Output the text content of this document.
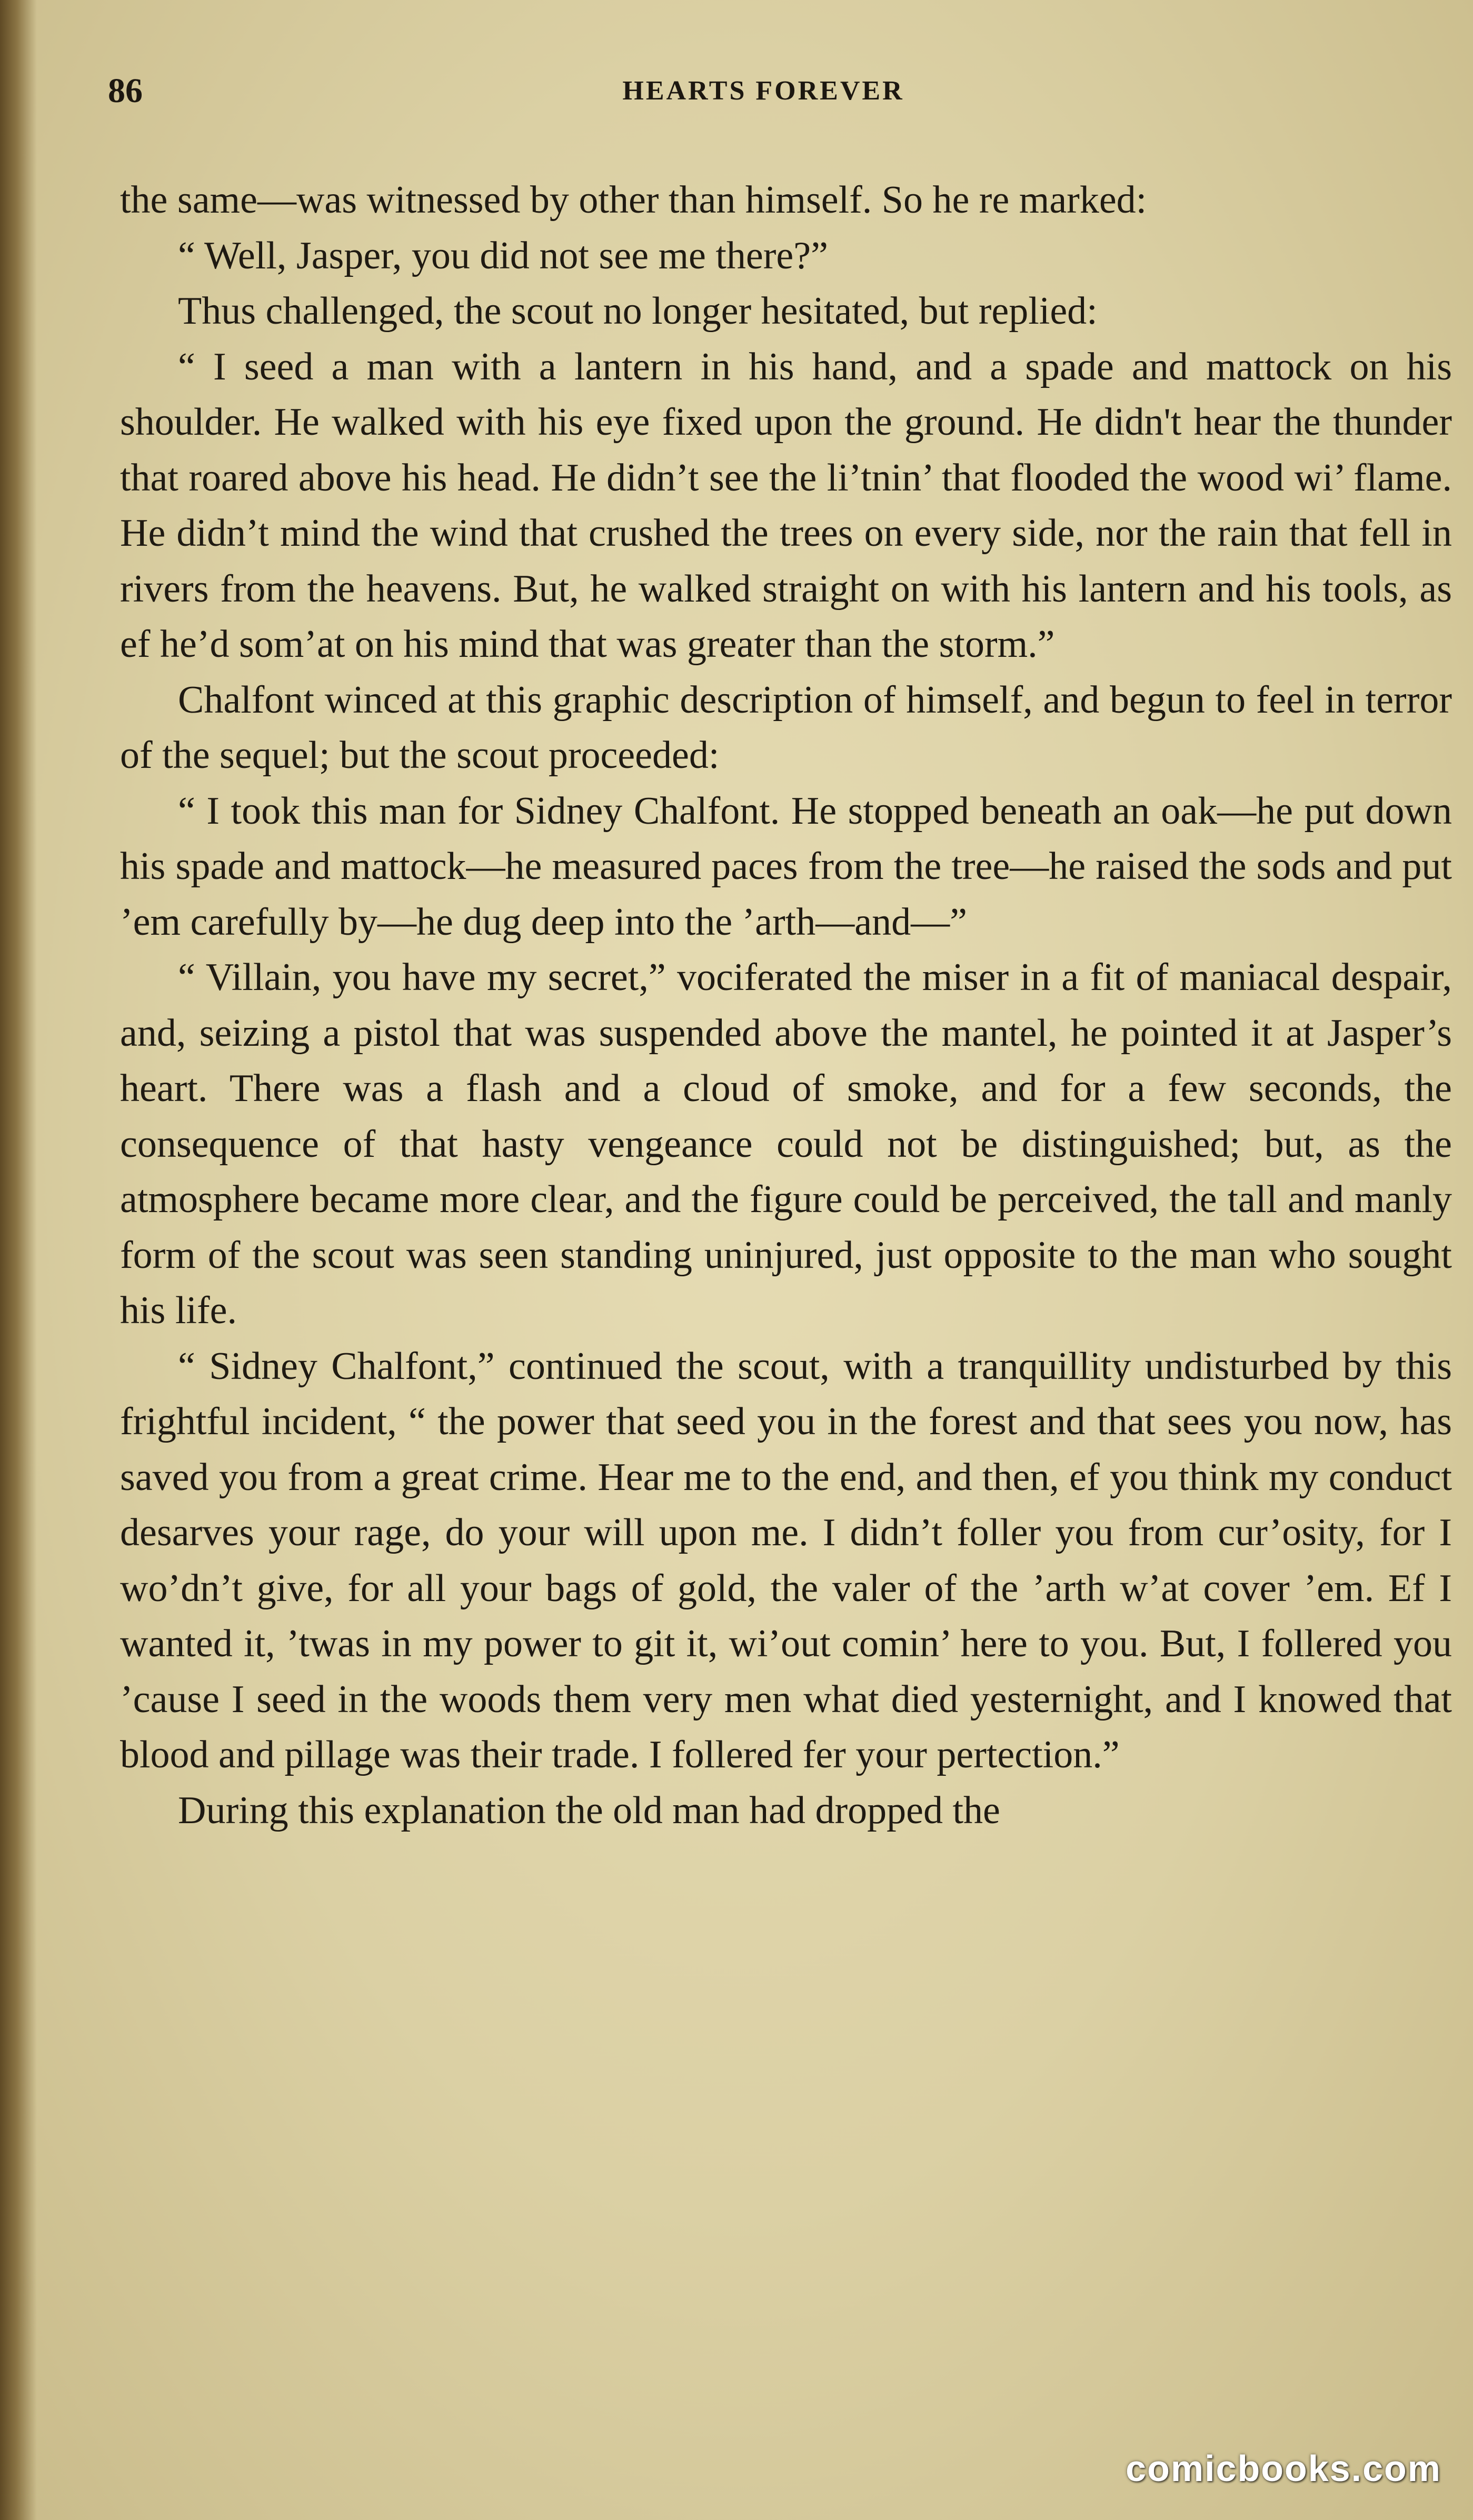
86	HEARTS FOREVER

the same—was witnessed by other than himself. So he re marked:

“ Well, Jasper, you did not see me there?”

Thus challenged, the scout no longer hesitated, but replied:

“ I seed a man with a lantern in his hand, and a spade and mattock on his shoulder. He walked with his eye fixed upon the ground. He didn't hear the thunder that roared above his head. He didn’t see the li’tnin’ that flooded the wood wi’ flame. He didn’t mind the wind that crushed the trees on every side, nor the rain that fell in rivers from the heavens. But, he walked straight on with his lantern and his tools, as ef he’d som’at on his mind that was greater than the storm.”

Chalfont winced at this graphic description of himself, and begun to feel in terror of the sequel; but the scout proceeded:

“ I took this man for Sidney Chalfont. He stopped beneath an oak—he put down his spade and mattock—he measured paces from the tree—he raised the sods and put ’em carefully by—he dug deep into the ’arth—and—”

“ Villain, you have my secret,” vociferated the miser in a fit of maniacal despair, and, seizing a pistol that was suspended above the mantel, he pointed it at Jasper’s heart. There was a flash and a cloud of smoke, and for a few seconds, the consequence of that hasty vengeance could not be distinguished; but, as the atmosphere became more clear, and the figure could be perceived, the tall and manly form of the scout was seen standing uninjured, just opposite to the man who sought his life.

“ Sidney Chalfont,” continued the scout, with a tranquillity undisturbed by this frightful incident, “ the power that seed you in the forest and that sees you now, has saved you from a great crime. Hear me to the end, and then, ef you think my conduct desarves your rage, do your will upon me. I didn’t foller you from cur’osity, for I wo’dn’t give, for all your bags of gold, the valer of the ’arth w’at cover ’em. Ef I wanted it, ’twas in my power to git it, wi’out comin’ here to you. But, I follered you ’cause I seed in the woods them very men what died yesternight, and I knowed that blood and pillage was their trade. I follered fer your pertection.”

During this explanation the old man had dropped the

comicbooks.com
